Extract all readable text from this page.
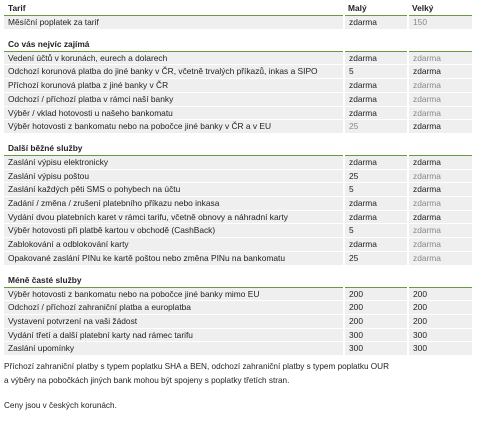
Tarif	Malý	Velký
Měsíční poplatek za tarif	zdarma	150

Co vás nejvíc zajímá		
Vedení účtů v korunách, eurech a dolarech	zdarma	zdarma
Odchozí korunová platba do jiné banky v ČR, včetně trvalých příkazů, inkas a SIPO	5	zdarma
Příchozí korunová platba z jiné banky v ČR	zdarma	zdarma
Odchozí / příchozí platba v rámci naší banky	zdarma	zdarma
Výběr / vklad hotovosti u našeho bankomatu	zdarma	zdarma
Výběr hotovosti z bankomatu nebo na pobočce jiné banky v ČR a v EU	25	zdarma

Další běžné služby		
Zaslání výpisu elektronicky	zdarma	zdarma
Zaslání výpisu poštou	25	zdarma
Zaslání každých pěti SMS o pohybech na účtu	5	zdarma
Zadání / změna / zrušení platebního příkazu nebo inkasa	zdarma	zdarma
Vydání dvou platebních karet v rámci tarifu, včetně obnovy a náhradní karty	zdarma	zdarma
Výběr hotovosti při platbě kartou v obchodě (CashBack)	5	zdarma
Zablokování a odblokování karty	zdarma	zdarma
Opakované zaslání PINu ke kartě poštou nebo změna PINu na bankomatu	25	zdarma

Méně časté služby		
Výběr hotovosti z bankomatu nebo na pobočce jiné banky mimo EU	200	200
Odchozí / příchozí zahraniční platba a europlatba	200	200
Vystavení potvrzení na vaši žádost	200	200
Vydání třetí a další platební karty nad rámec tarifu	300	300
Zaslání upomínky	300	300

Příchozí zahraniční platby s typem poplatku SHA a BEN, odchozí zahraniční platby s typem poplatku OUR

a výběry na pobočkách jiných bank mohou být spojeny s poplatky třetích stran.

Ceny jsou v českých korunách.
